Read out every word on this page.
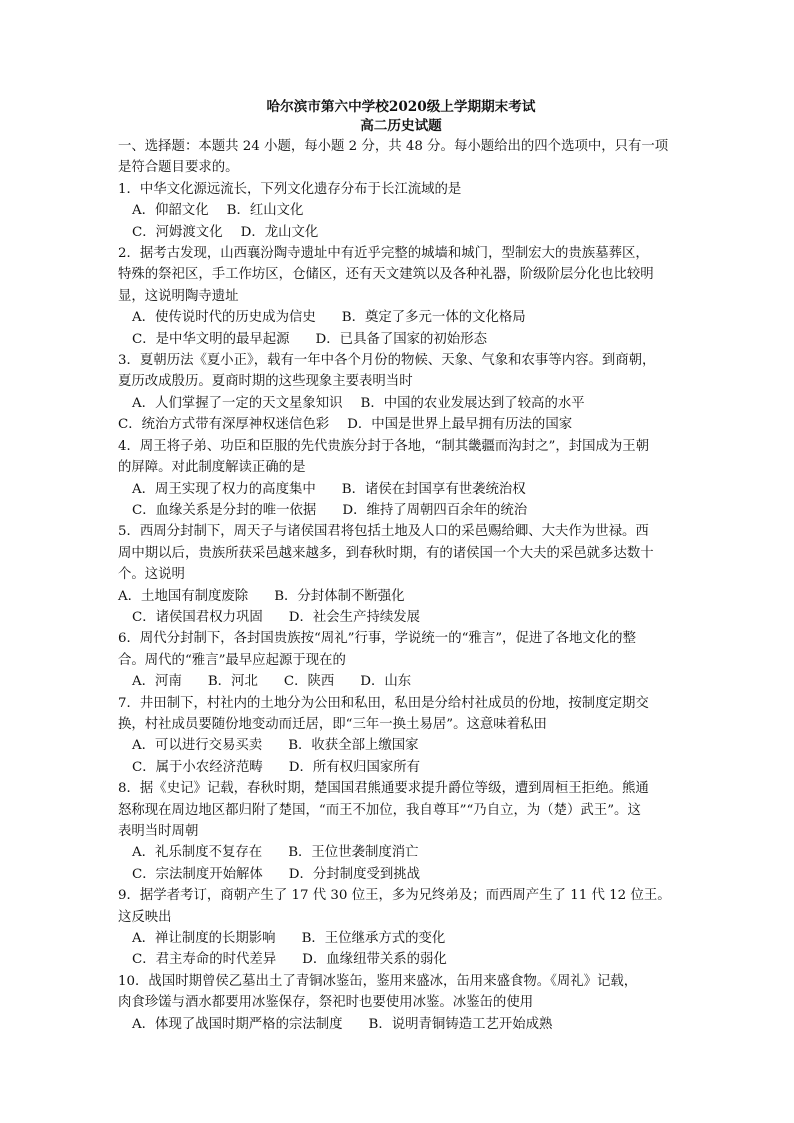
哈尔滨市第六中学校2020级上学期期末考试
高二历史试题
一、选择题：本题共 24 小题，每小题 2 分，共 48 分。每小题给出的四个选项中，只有一项
是符合题目要求的。
1．中华文化源远流长，下列文化遗存分布于长江流域的是
A．仰韶文化 B．红山文化
C．河姆渡文化 D．龙山文化
2．据考古发现，山西襄汾陶寺遗址中有近乎完整的城墙和城门，型制宏大的贵族墓葬区，
特殊的祭祀区，手工作坊区，仓储区，还有天文建筑以及各种礼器，阶级阶层分化也比较明
显，这说明陶寺遗址
A．使传说时代的历史成为信史 B．奠定了多元一体的文化格局
C．是中华文明的最早起源 D．已具备了国家的初始形态
3．夏朝历法《夏小正》，载有一年中各个月份的物候、天象、气象和农事等内容。到商朝，
夏历改成殷历。夏商时期的这些现象主要表明当时
A．人们掌握了一定的天文星象知识 B．中国的农业发展达到了较高的水平
C．统治方式带有深厚神权迷信色彩 D．中国是世界上最早拥有历法的国家
4．周王将子弟、功臣和臣服的先代贵族分封于各地，“制其畿疆而沟封之”，封国成为王朝
的屏障。对此制度解读正确的是
A．周王实现了权力的高度集中 B．诸侯在封国享有世袭统治权
C．血缘关系是分封的唯一依据 D．维持了周朝四百余年的统治
5．西周分封制下，周天子与诸侯国君将包括土地及人口的采邑赐给卿、大夫作为世禄。西
周中期以后，贵族所获采邑越来越多，到春秋时期，有的诸侯国一个大夫的采邑就多达数十
个。这说明
A．土地国有制度废除 B．分封体制不断强化
C．诸侯国君权力巩固 D．社会生产持续发展
6．周代分封制下，各封国贵族按“周礼”行事，学说统一的“雅言”，促进了各地文化的整
合。周代的“雅言”最早应起源于现在的
A．河南 B．河北 C．陕西 D．山东
7．井田制下，村社内的土地分为公田和私田，私田是分给村社成员的份地，按制度定期交
换，村社成员要随份地变动而迁居，即“三年一换土易居”。这意味着私田
A．可以进行交易买卖 B．收获全部上缴国家
C．属于小农经济范畴 D．所有权归国家所有
8．据《史记》记载，春秋时期，楚国国君熊通要求提升爵位等级，遭到周桓王拒绝。熊通
怒称现在周边地区都归附了楚国，“而王不加位，我自尊耳”“乃自立，为（楚）武王”。这
表明当时周朝
A．礼乐制度不复存在 B．王位世袭制度消亡
C．宗法制度开始解体 D．分封制度受到挑战
9．据学者考订，商朝产生了 17 代 30 位王，多为兄终弟及；而西周产生了 11 代 12 位王。
这反映出
A．禅让制度的长期影响 B．王位继承方式的变化
C．君主寿命的时代差异 D．血缘纽带关系的弱化
10．战国时期曾侯乙墓出土了青铜冰鉴缶，鉴用来盛冰，缶用来盛食物。《周礼》记载，
肉食珍馐与酒水都要用冰鉴保存，祭祀时也要使用冰鉴。冰鉴缶的使用
A．体现了战国时期严格的宗法制度 B．说明青铜铸造工艺开始成熟
